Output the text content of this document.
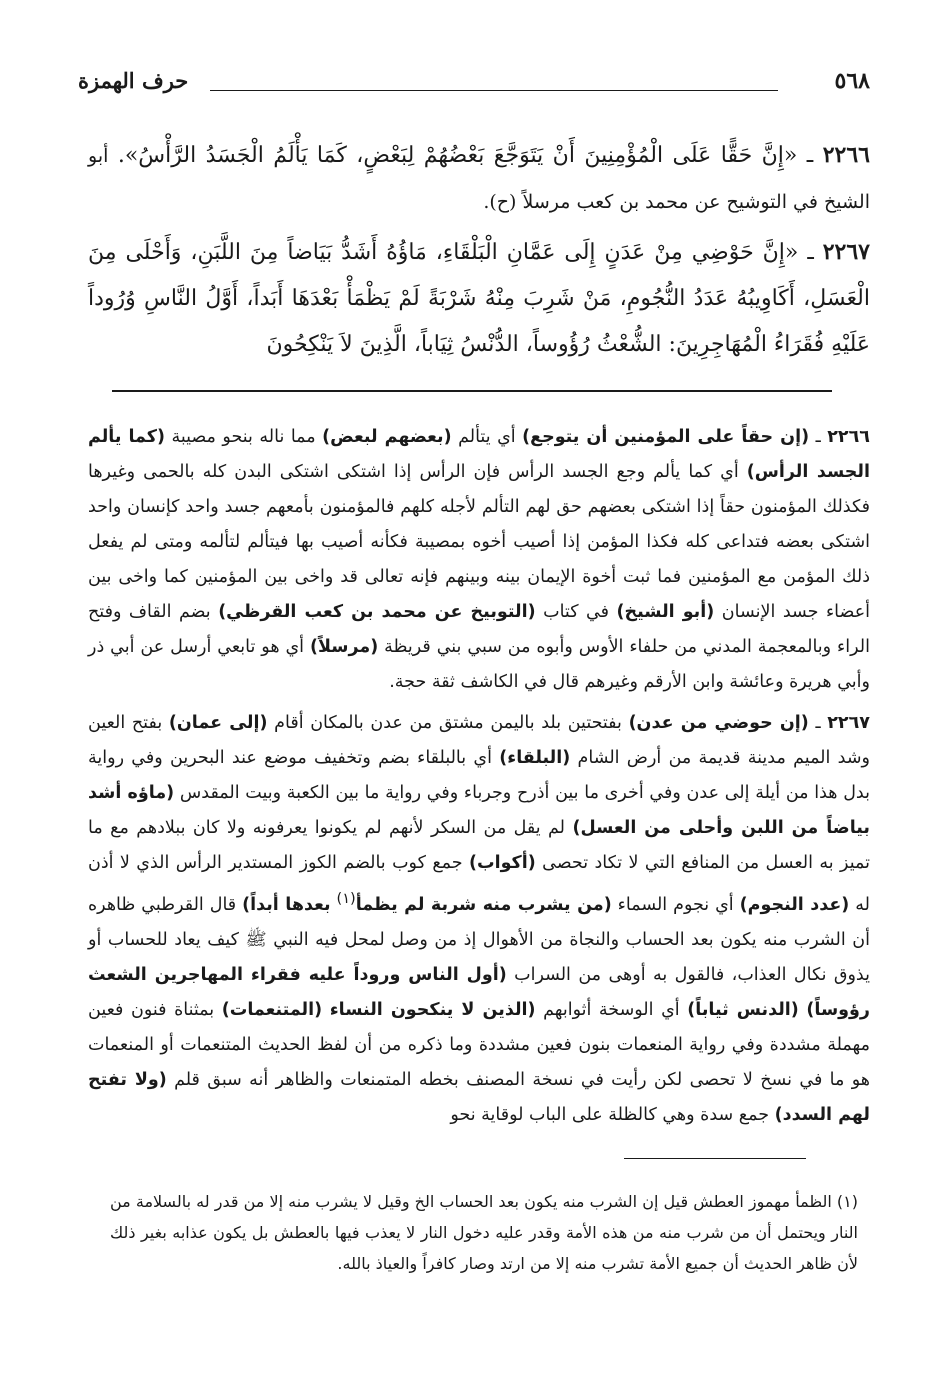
٥٦٨
حرف الهمزة

٢٢٦٦ ـ «إِنَّ حَقًّا عَلَى الْمُؤْمِنِينَ أَنْ يَتَوَجَّعَ بَعْضُهُمْ لِبَعْضٍ، كَمَا يَأْلَمُ الْجَسَدُ الرَّأْسُ». أبو الشيخ في التوشيح عن محمد بن كعب مرسلاً (ح).

٢٢٦٧ ـ «إِنَّ حَوْضِي مِنْ عَدَنٍ إِلَى عَمَّانِ الْبَلْقَاءِ، مَاؤُهُ أَشَدُّ بَيَاضاً مِنَ اللَّبَنِ، وَأَحْلَى مِنَ الْعَسَلِ، أَكَاوِيبُهُ عَدَدُ النُّجُومِ، مَنْ شَرِبَ مِنْهُ شَرْبَةً لَمْ يَظْمَأْ بَعْدَهَا أَبَداً، أَوَّلُ النَّاسِ وُرُوداً عَلَيْهِ فُقَرَاءُ الْمُهَاجِرِينَ: الشُّعْثُ رُؤُوساً، الدُّنْسُ ثِيَاباً، الَّذِينَ لاَ يَنْكِحُونَ

٢٢٦٦ ـ (إن حقاً على المؤمنين أن يتوجع) أي يتألم (بعضهم لبعض) مما ناله بنحو مصيبة (كما يألم الجسد الرأس) أي كما يألم وجع الجسد الرأس فإن الرأس إذا اشتكى اشتكى البدن كله بالحمى وغيرها فكذلك المؤمنون حقاً إذا اشتكى بعضهم حق لهم التألم لأجله كلهم فالمؤمنون بأمعهم جسد واحد كإنسان واحد اشتكى بعضه فتداعى كله فكذا المؤمن إذا أصيب أخوه بمصيبة فكأنه أصيب بها فيتألم لتألمه ومتى لم يفعل ذلك المؤمن مع المؤمنين فما ثبت أخوة الإيمان بينه وبينهم فإنه تعالى قد واخى بين المؤمنين كما واخى بين أعضاء جسد الإنسان (أبو الشيخ) في كتاب (التوبيخ عن محمد بن كعب القرظي) بضم القاف وفتح الراء وبالمعجمة المدني من حلفاء الأوس وأبوه من سبي بني قريظة (مرسلاً) أي هو تابعي أرسل عن أبي ذر وأبي هريرة وعائشة وابن الأرقم وغيرهم قال في الكاشف ثقة حجة.

٢٢٦٧ ـ (إن حوضي من عدن) بفتحتين بلد باليمن مشتق من عدن بالمكان أقام (إلى عمان) بفتح العين وشد الميم مدينة قديمة من أرض الشام (البلقاء) أي بالبلقاء بضم وتخفيف موضع عند البحرين وفي رواية بدل هذا من أيلة إلى عدن وفي أخرى ما بين أذرح وجرباء وفي رواية ما بين الكعبة وبيت المقدس (ماؤه أشد بياضاً من اللبن وأحلى من العسل) لم يقل من السكر لأنهم لم يكونوا يعرفونه ولا كان ببلادهم مع ما تميز به العسل من المنافع التي لا تكاد تحصى (أكواب) جمع كوب بالضم الكوز المستدير الرأس الذي لا أذن له (عدد النجوم) أي نجوم السماء (من يشرب منه شربة لم يظمأ$^{(١)}$ بعدها أبداً) قال القرطبي ظاهره أن الشرب منه يكون بعد الحساب والنجاة من الأهوال إذ من وصل لمحل فيه النبي ﷺ كيف يعاد للحساب أو يذوق نكال العذاب، فالقول به أوهى من السراب (أول الناس وروداً عليه فقراء المهاجرين الشعث رؤوساً) (الدنس ثياباً) أي الوسخة أثوابهم (الذين لا ينكحون النساء (المتنعمات) بمثناة فنون فعين مهملة مشددة وفي رواية المنعمات بنون فعين مشددة وما ذكره من أن لفظ الحديث المتنعمات أو المنعمات هو ما في نسخ لا تحصى لكن رأيت في نسخة المصنف بخطه المتمنعات والظاهر أنه سبق قلم (ولا تفتح لهم السدد) جمع سدة وهي كالظلة على الباب لوقاية نحو

(١) الظمأ مهموز العطش قيل إن الشرب منه يكون بعد الحساب الخ وقيل لا يشرب منه إلا من قدر له بالسلامة من النار ويحتمل أن من شرب منه من هذه الأمة وقدر عليه دخول النار لا يعذب فيها بالعطش بل يكون عذابه بغير ذلك لأن ظاهر الحديث أن جميع الأمة تشرب منه إلا من ارتد وصار كافراً والعياذ بالله.
